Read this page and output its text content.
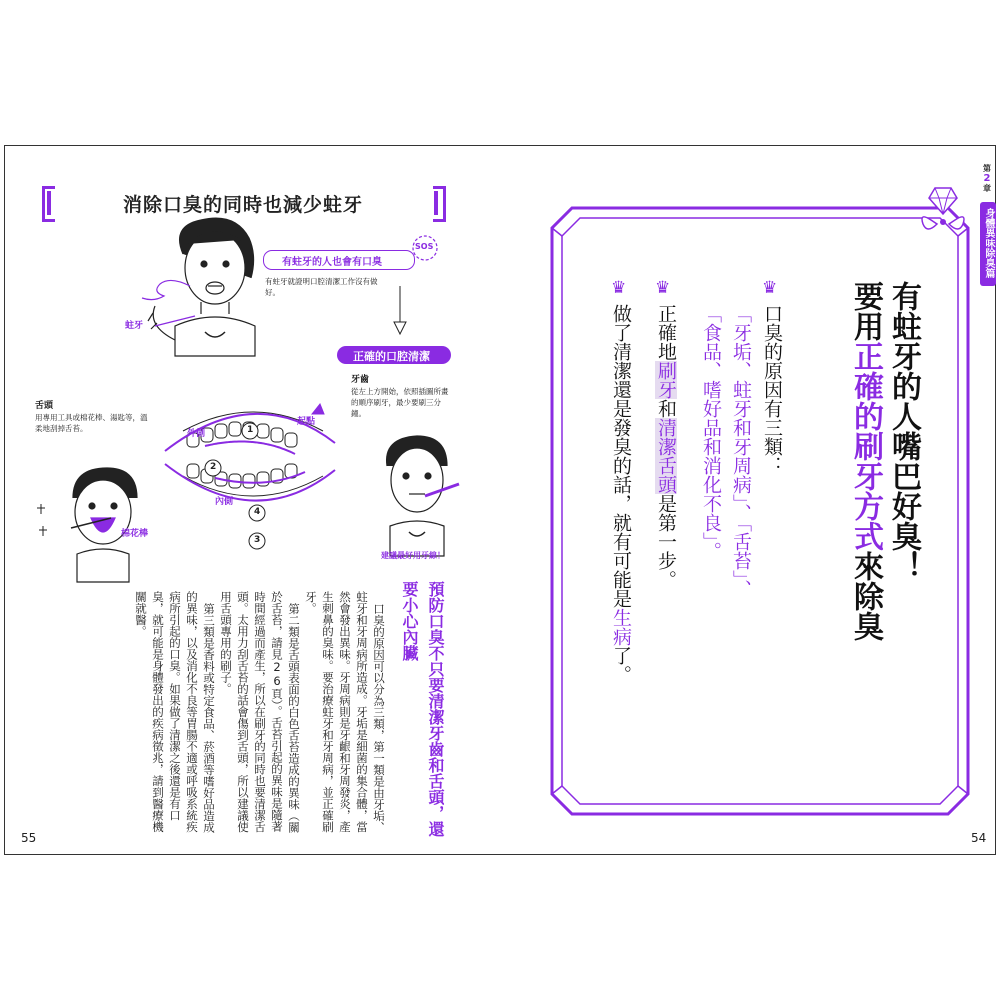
消除口臭的同時也減少蛀牙
SOS
有蛀牙的人也會有口臭
有蛀牙就證明口腔清潔工作沒有做好。
蛀牙
正確的口腔清潔
牙齒
從左上方開始，依照插圖所畫的順序刷牙，最少要刷三分鐘。
舌頭
用專用工具或棉花棒、湯匙等，溫柔地刮掉舌苔。
外側
內側
起點
1
2
4
3
棉花棒
建議最好用牙線！

預防口臭不只要清潔牙齒和舌頭，還要小心內臟

口臭的原因可以分為三類，第一類是由牙垢、蛀牙和牙周病所造成。牙垢是細菌的集合體，當然會發出異味。牙周病則是牙齦和牙周發炎，產生刺鼻的臭味。要治療蛀牙和牙周病，並正確刷牙。

第二類是舌頭表面的白色舌苔造成的異味（關於舌苔，請見26頁）。舌苔引起的異味是隨著時間經過而產生，所以在刷牙的同時也要清潔舌頭。太用力刮舌苔的話會傷到舌頭，所以建議使用舌頭專用的刷子。

第三類是香料或特定食品、菸酒等嗜好品造成的異味，以及消化不良等胃腸不適或呼吸系統疾病所引起的口臭。如果做了清潔之後還是有口臭，就可能是身體發出的疾病徵兆，請到醫療機關就醫。

55
第
2
章

身體異味除臭篇

有蛀牙的人嘴巴好臭！

要用正確的刷牙方式來除臭

♛
♛
♛

口臭的原因有三類：

「牙垢、蛀牙和牙周病」、「舌苔」、

「食品、嗜好品和消化不良」。

正確地刷牙和清潔舌頭是第一步。

做了清潔還是發臭的話，就有可能是生病了。

54
